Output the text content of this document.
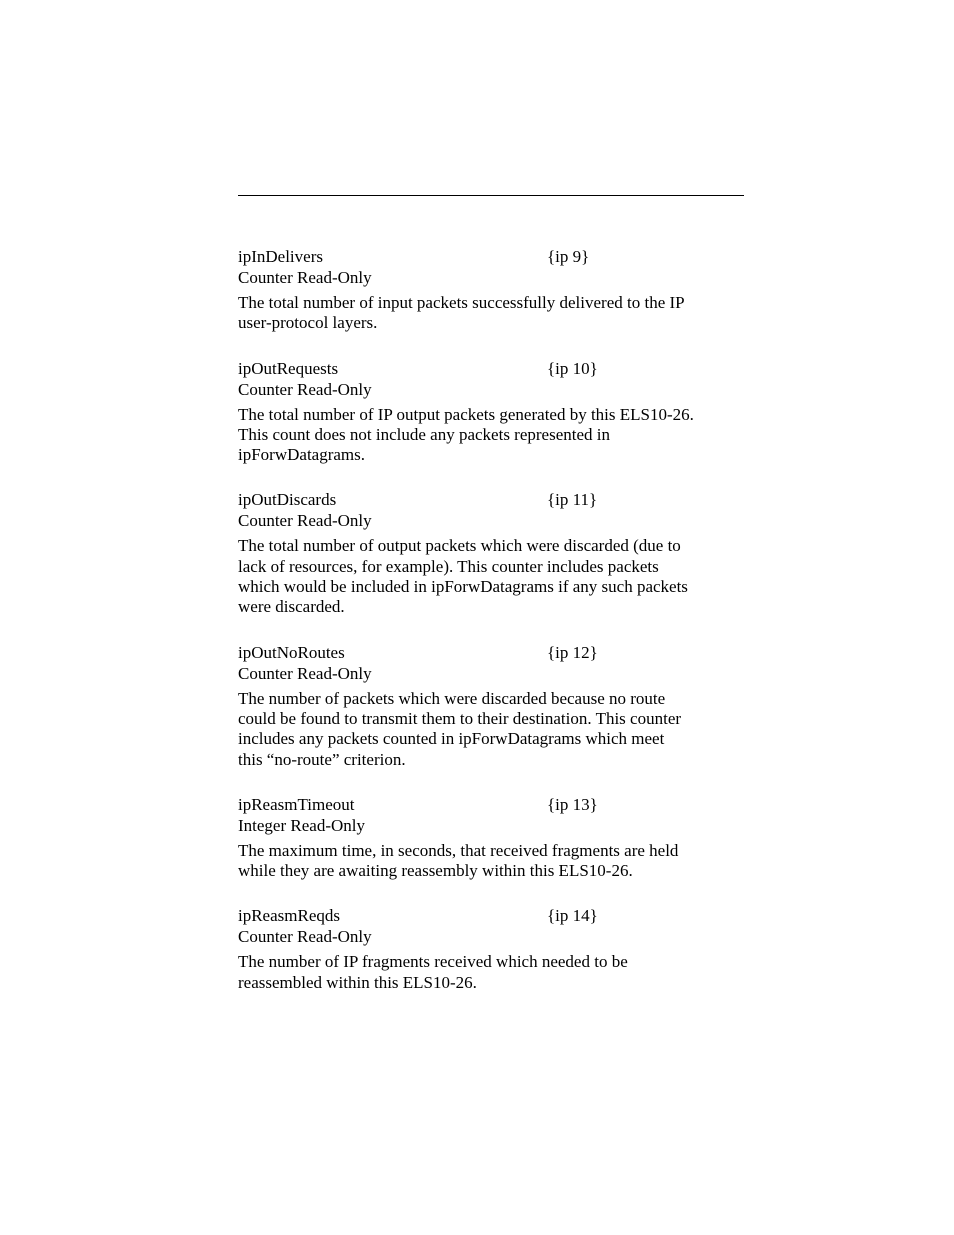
ipInDelivers	{ip 9}
Counter Read-Only
The total number of input packets successfully delivered to the IP
user-protocol layers.
ipOutRequests	{ip 10}
Counter Read-Only
The total number of IP output packets generated by this ELS10-26.
This count does not include any packets represented in
ipForwDatagrams.
ipOutDiscards	{ip 11}
Counter Read-Only
The total number of output packets which were discarded (due to
lack of resources, for example). This counter includes packets
which would be included in ipForwDatagrams if any such packets
were discarded.
ipOutNoRoutes	{ip 12}
Counter Read-Only
The number of packets which were discarded because no route
could be found to transmit them to their destination. This counter
includes any packets counted in ipForwDatagrams which meet
this “no-route” criterion.
ipReasmTimeout	{ip 13}
Integer Read-Only
The maximum time, in seconds, that received fragments are held
while they are awaiting reassembly within this ELS10-26.
ipReasmReqds	{ip 14}
Counter Read-Only
The number of IP fragments received which needed to be
reassembled within this ELS10-26.
